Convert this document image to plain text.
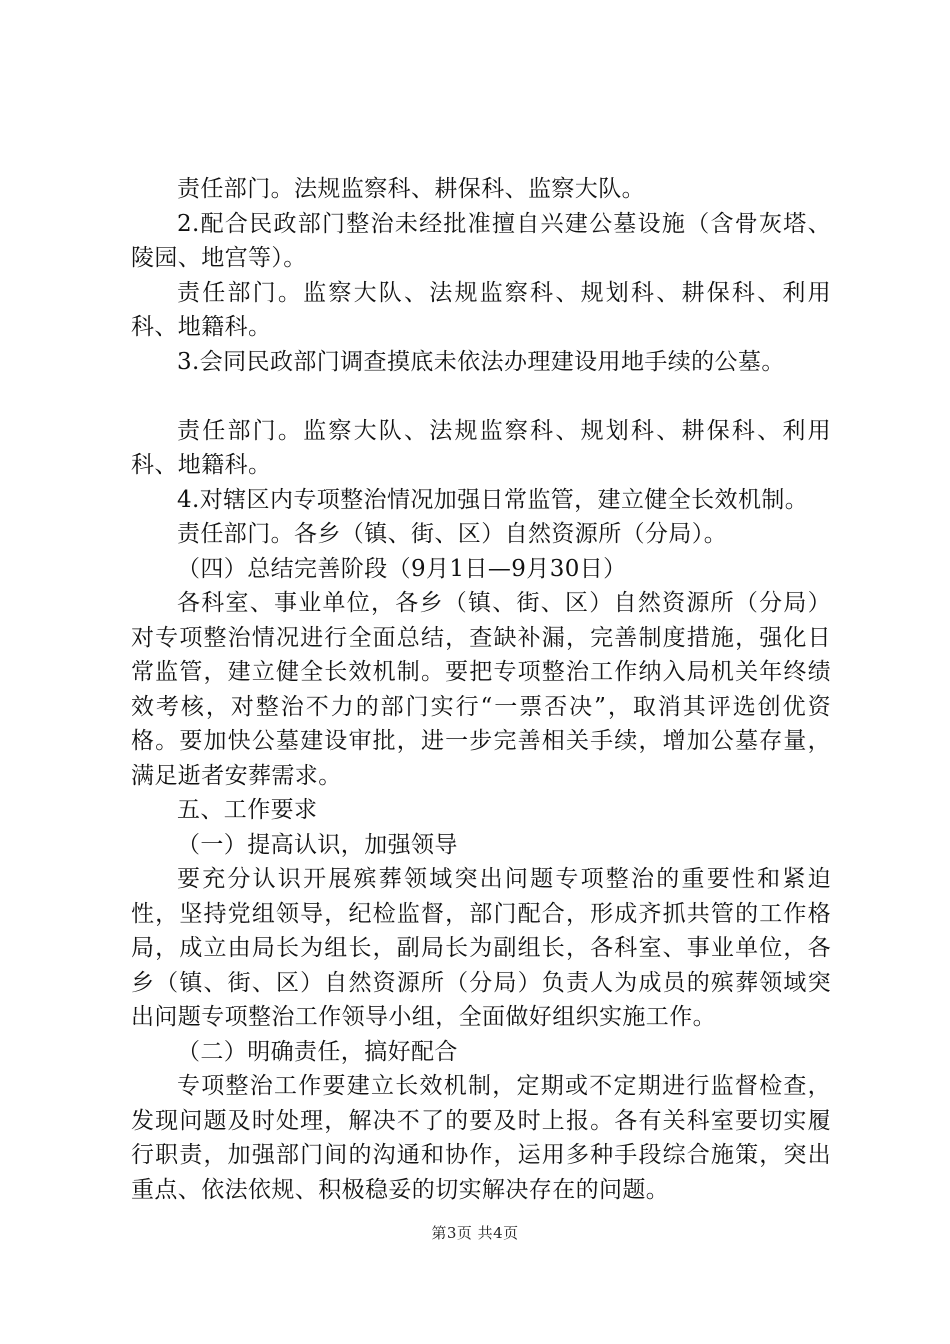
责任部门。法规监察科、耕保科、监察大队。

2.配合民政部门整治未经批准擅自兴建公墓设施（含骨灰塔、陵园、地宫等）。

责任部门。监察大队、法规监察科、规划科、耕保科、利用科、地籍科。

3.会同民政部门调查摸底未依法办理建设用地手续的公墓。

责任部门。监察大队、法规监察科、规划科、耕保科、利用科、地籍科。

4.对辖区内专项整治情况加强日常监管，建立健全长效机制。

责任部门。各乡（镇、街、区）自然资源所（分局）。

（四）总结完善阶段（9月1日—9月30日）

各科室、事业单位，各乡（镇、街、区）自然资源所（分局）对专项整治情况进行全面总结，查缺补漏，完善制度措施，强化日常监管，建立健全长效机制。要把专项整治工作纳入局机关年终绩效考核，对整治不力的部门实行“一票否决”，取消其评选创优资格。要加快公墓建设审批，进一步完善相关手续，增加公墓存量，满足逝者安葬需求。

五、工作要求

（一）提高认识，加强领导

要充分认识开展殡葬领域突出问题专项整治的重要性和紧迫性，坚持党组领导，纪检监督，部门配合，形成齐抓共管的工作格局，成立由局长为组长，副局长为副组长，各科室、事业单位，各乡（镇、街、区）自然资源所（分局）负责人为成员的殡葬领域突出问题专项整治工作领导小组，全面做好组织实施工作。

（二）明确责任，搞好配合

专项整治工作要建立长效机制，定期或不定期进行监督检查，发现问题及时处理，解决不了的要及时上报。各有关科室要切实履行职责，加强部门间的沟通和协作，运用多种手段综合施策，突出重点、依法依规、积极稳妥的切实解决存在的问题。

第3页 共4页
